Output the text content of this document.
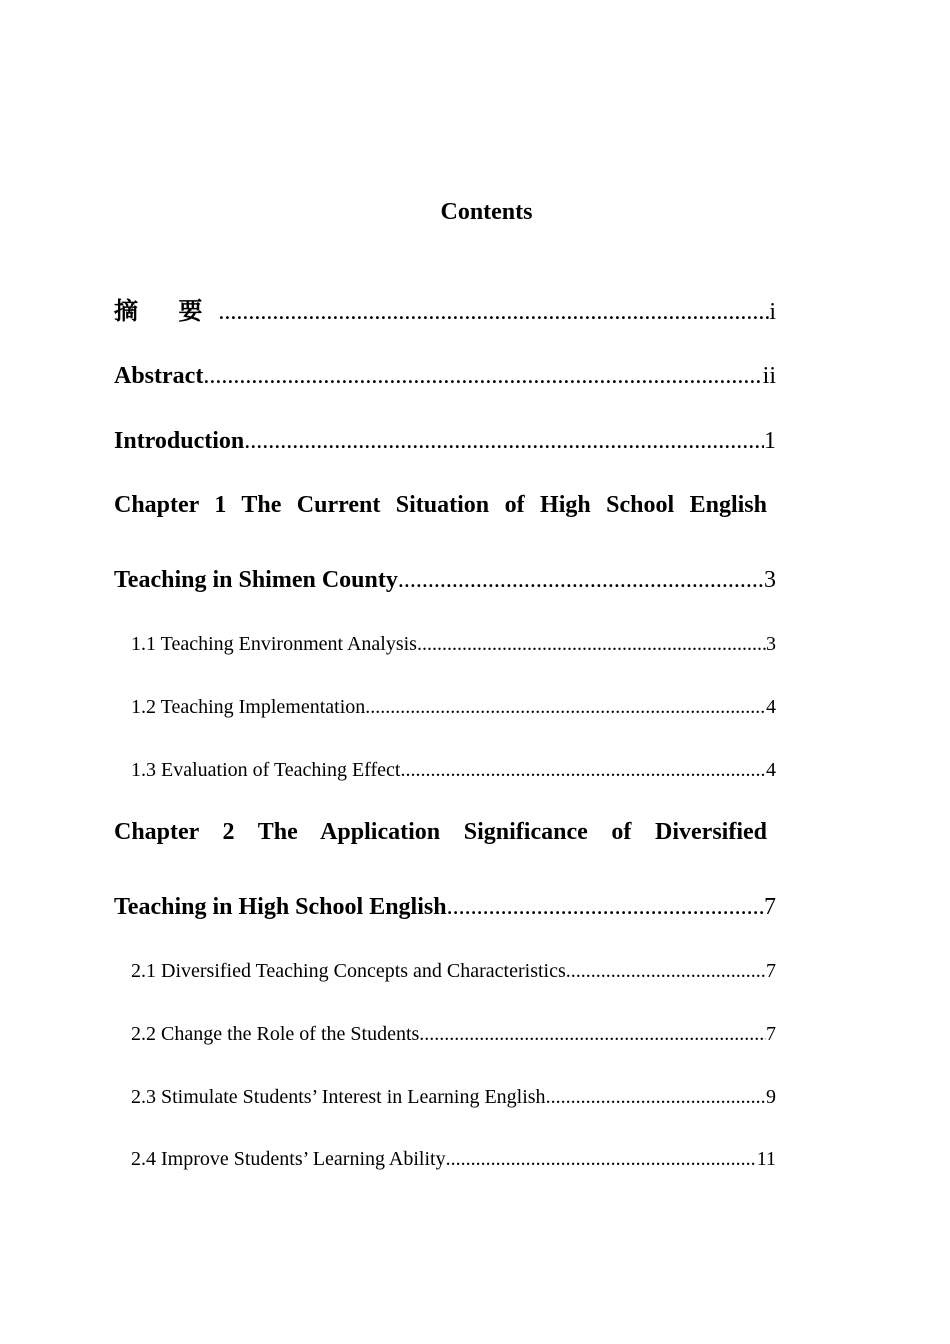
Contents
摘 要 .....	i
Abstract .....	ii
Introduction .....	1
Chapter 1 The Current Situation of High School English
Teaching in Shimen County .....	3
1.1 Teaching Environment Analysis .....	3
1.2 Teaching Implementation .....	4
1.3 Evaluation of Teaching Effect .....	4
Chapter 2 The Application Significance of Diversified
Teaching in High School English .....	7
2.1 Diversified Teaching Concepts and Characteristics .....	7
2.2 Change the Role of the Students .....	7
2.3 Stimulate Students’ Interest in Learning English .....	9
2.4 Improve Students’ Learning Ability .....	11
